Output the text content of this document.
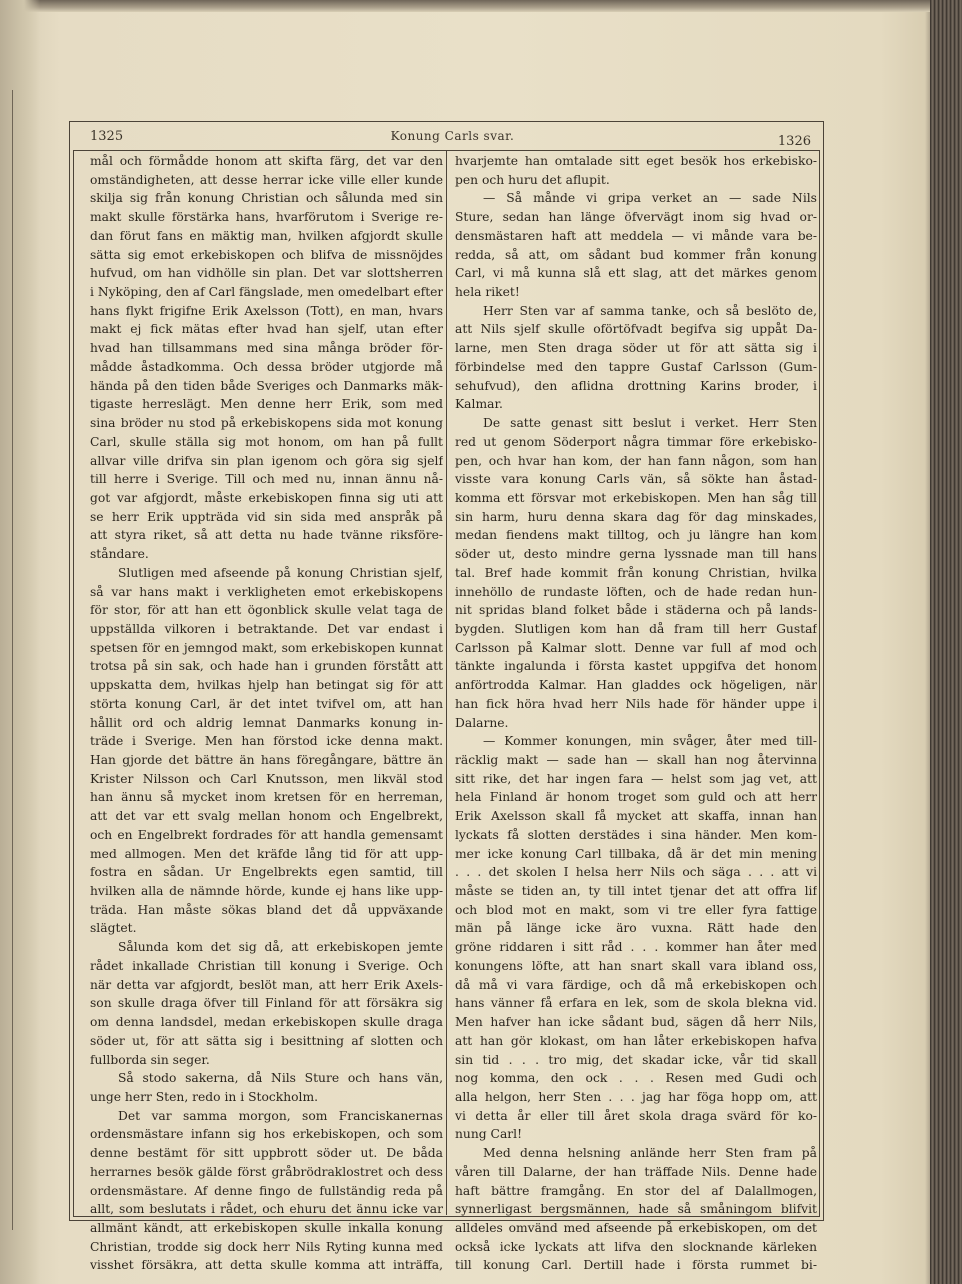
1325	Konung Carls svar.	1326

mål och förmådde honom att skifta färg, det var den

omständigheten, att desse herrar icke ville eller kunde

skilja sig från konung Christian och sålunda med sin

makt skulle förstärka hans, hvarförutom i Sverige re-

dan förut fans en mäktig man, hvilken afgjordt skulle

sätta sig emot erkebiskopen och blifva de missnöjdes

hufvud, om han vidhölle sin plan. Det var slottsherren

i Nyköping, den af Carl fängslade, men omedelbart efter

hans flykt frigifne Erik Axelsson (Tott), en man, hvars

makt ej fick mätas efter hvad han sjelf, utan efter

hvad han tillsammans med sina många bröder för-

mådde åstadkomma. Och dessa bröder utgjorde må

hända på den tiden både Sveriges och Danmarks mäk-

tigaste herreslägt. Men denne herr Erik, som med

sina bröder nu stod på erkebiskopens sida mot konung

Carl, skulle ställa sig mot honom, om han på fullt

allvar ville drifva sin plan igenom och göra sig sjelf

till herre i Sverige. Till och med nu, innan ännu nå-

got var afgjordt, måste erkebiskopen finna sig uti att

se herr Erik uppträda vid sin sida med anspråk på

att styra riket, så att detta nu hade tvänne riksföre-

ståndare.

Slutligen med afseende på konung Christian sjelf,

så var hans makt i verkligheten emot erkebiskopens

för stor, för att han ett ögonblick skulle velat taga de

uppställda vilkoren i betraktande. Det var endast i

spetsen för en jemngod makt, som erkebiskopen kunnat

trotsa på sin sak, och hade han i grunden förstått att

uppskatta dem, hvilkas hjelp han betingat sig för att

störta konung Carl, är det intet tvifvel om, att han

hållit ord och aldrig lemnat Danmarks konung in-

träde i Sverige. Men han förstod icke denna makt.

Han gjorde det bättre än hans föregångare, bättre än

Krister Nilsson och Carl Knutsson, men likväl stod

han ännu så mycket inom kretsen för en herreman,

att det var ett svalg mellan honom och Engelbrekt,

och en Engelbrekt fordrades för att handla gemensamt

med allmogen. Men det kräfde lång tid för att upp-

fostra en sådan. Ur Engelbrekts egen samtid, till

hvilken alla de nämnde hörde, kunde ej hans like upp-

träda. Han måste sökas bland det då uppväxande

slägtet.

Sålunda kom det sig då, att erkebiskopen jemte

rådet inkallade Christian till konung i Sverige. Och

när detta var afgjordt, beslöt man, att herr Erik Axels-

son skulle draga öfver till Finland för att försäkra sig

om denna landsdel, medan erkebiskopen skulle draga

söder ut, för att sätta sig i besittning af slotten och

fullborda sin seger.

Så stodo sakerna, då Nils Sture och hans vän,

unge herr Sten, redo in i Stockholm.

Det var samma morgon, som Franciskanernas

ordensmästare infann sig hos erkebiskopen, och som

denne bestämt för sitt uppbrott söder ut. De båda

herrarnes besök gälde först gråbrödraklostret och dess

ordensmästare. Af denne fingo de fullständig reda på

allt, som beslutats i rådet, och ehuru det ännu icke var

allmänt kändt, att erkebiskopen skulle inkalla konung

Christian, trodde sig dock herr Nils Ryting kunna med

visshet försäkra, att detta skulle komma att inträffa,

hvarjemte han omtalade sitt eget besök hos erkebisko-

pen och huru det aflupit.

— Så månde vi gripa verket an — sade Nils

Sture, sedan han länge öfvervägt inom sig hvad or-

densmästaren haft att meddela — vi månde vara be-

redda, så att, om sådant bud kommer från konung

Carl, vi må kunna slå ett slag, att det märkes genom

hela riket!

Herr Sten var af samma tanke, och så beslöto de,

att Nils sjelf skulle oförtöfvadt begifva sig uppåt Da-

larne, men Sten draga söder ut för att sätta sig i

förbindelse med den tappre Gustaf Carlsson (Gum-

sehufvud), den aflidna drottning Karins broder, i

Kalmar.

De satte genast sitt beslut i verket. Herr Sten

red ut genom Söderport några timmar före erkebisko-

pen, och hvar han kom, der han fann någon, som han

visste vara konung Carls vän, så sökte han åstad-

komma ett försvar mot erkebiskopen. Men han såg till

sin harm, huru denna skara dag för dag minskades,

medan fiendens makt tilltog, och ju längre han kom

söder ut, desto mindre gerna lyssnade man till hans

tal. Bref hade kommit från konung Christian, hvilka

innehöllo de rundaste löften, och de hade redan hun-

nit spridas bland folket både i städerna och på lands-

bygden. Slutligen kom han då fram till herr Gustaf

Carlsson på Kalmar slott. Denne var full af mod och

tänkte ingalunda i första kastet uppgifva det honom

anförtrodda Kalmar. Han gladdes ock högeligen, när

han fick höra hvad herr Nils hade för händer uppe i

Dalarne.

— Kommer konungen, min svåger, åter med till-

räcklig makt — sade han — skall han nog återvinna

sitt rike, det har ingen fara — helst som jag vet, att

hela Finland är honom troget som guld och att herr

Erik Axelsson skall få mycket att skaffa, innan han

lyckats få slotten derstädes i sina händer. Men kom-

mer icke konung Carl tillbaka, då är det min mening

. . . det skolen I helsa herr Nils och säga . . . att vi

måste se tiden an, ty till intet tjenar det att offra lif

och blod mot en makt, som vi tre eller fyra fattige

män på länge icke äro vuxna. Rätt hade den

gröne riddaren i sitt råd . . . kommer han åter med

konungens löfte, att han snart skall vara ibland oss,

då må vi vara färdige, och då må erkebiskopen och

hans vänner få erfara en lek, som de skola blekna vid.

Men hafver han icke sådant bud, sägen då herr Nils,

att han gör klokast, om han låter erkebiskopen hafva

sin tid . . . tro mig, det skadar icke, vår tid skall

nog komma, den ock . . . Resen med Gudi och

alla helgon, herr Sten . . . jag har föga hopp om, att

vi detta år eller till året skola draga svärd för ko-

nung Carl!

Med denna helsning anlände herr Sten fram på

våren till Dalarne, der han träffade Nils. Denne hade

haft bättre framgång. En stor del af Dalallmogen,

synnerligast bergsmännen, hade så småningom blifvit

alldeles omvänd med afseende på erkebiskopen, om det

också icke lyckats att lifva den slocknande kärleken

till konung Carl. Dertill hade i första rummet bi-
